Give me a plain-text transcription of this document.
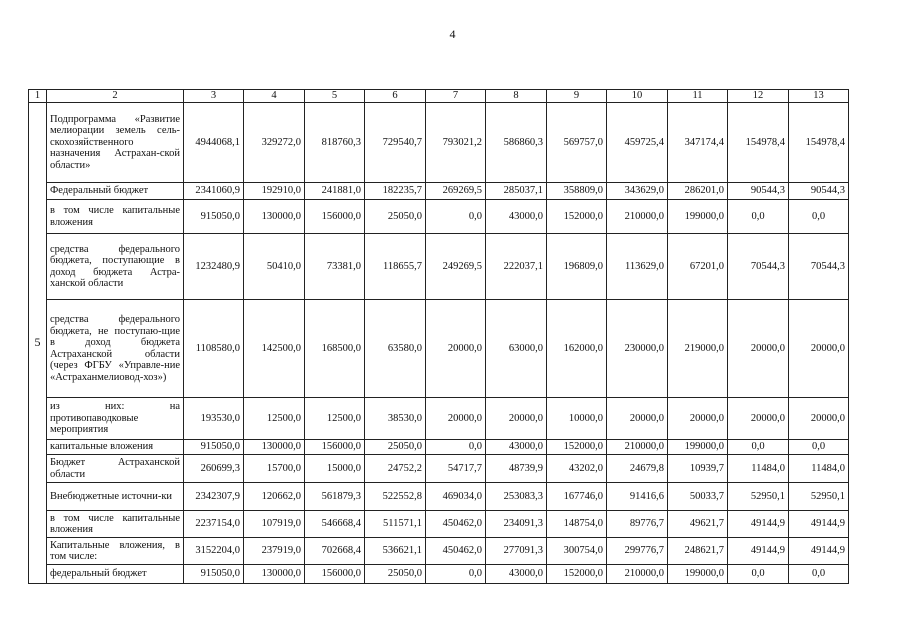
4
1	2	3	4	5	6	7	8	9	10	11	12	13
5	Подпрограмма «Развитие мелиорации земель сель-скохозяйственного назначения Астрахан-ской области»	4944068,1	329272,0	818760,3	729540,7	793021,2	586860,3	569757,0	459725,4	347174,4	154978,4	154978,4
	Федеральный бюджет	2341060,9	192910,0	241881,0	182235,7	269269,5	285037,1	358809,0	343629,0	286201,0	90544,3	90544,3
	в том числе капитальные вложения	915050,0	130000,0	156000,0	25050,0	0,0	43000,0	152000,0	210000,0	199000,0	0,0	0,0
	средства федерального бюджета, поступающие в доход бюджета Астра-ханской области	1232480,9	50410,0	73381,0	118655,7	249269,5	222037,1	196809,0	113629,0	67201,0	70544,3	70544,3
	средства федерального бюджета, не поступаю-щие в доход бюджета Астраханской области (через ФГБУ «Управле-ние «Астраханмелиовод-хоз»)	1108580,0	142500,0	168500,0	63580,0	20000,0	63000,0	162000,0	230000,0	219000,0	20000,0	20000,0
	из них: на противопаводковые мероприятия	193530,0	12500,0	12500,0	38530,0	20000,0	20000,0	10000,0	20000,0	20000,0	20000,0	20000,0
	капитальные вложения	915050,0	130000,0	156000,0	25050,0	0,0	43000,0	152000,0	210000,0	199000,0	0,0	0,0
	Бюджет Астраханской области	260699,3	15700,0	15000,0	24752,2	54717,7	48739,9	43202,0	24679,8	10939,7	11484,0	11484,0
	Внебюджетные источни-ки	2342307,9	120662,0	561879,3	522552,8	469034,0	253083,3	167746,0	91416,6	50033,7	52950,1	52950,1
	в том числе капитальные вложения	2237154,0	107919,0	546668,4	511571,1	450462,0	234091,3	148754,0	89776,7	49621,7	49144,9	49144,9
	Капитальные вложения, в том числе:	3152204,0	237919,0	702668,4	536621,1	450462,0	277091,3	300754,0	299776,7	248621,7	49144,9	49144,9
	федеральный бюджет	915050,0	130000,0	156000,0	25050,0	0,0	43000,0	152000,0	210000,0	199000,0	0,0	0,0
